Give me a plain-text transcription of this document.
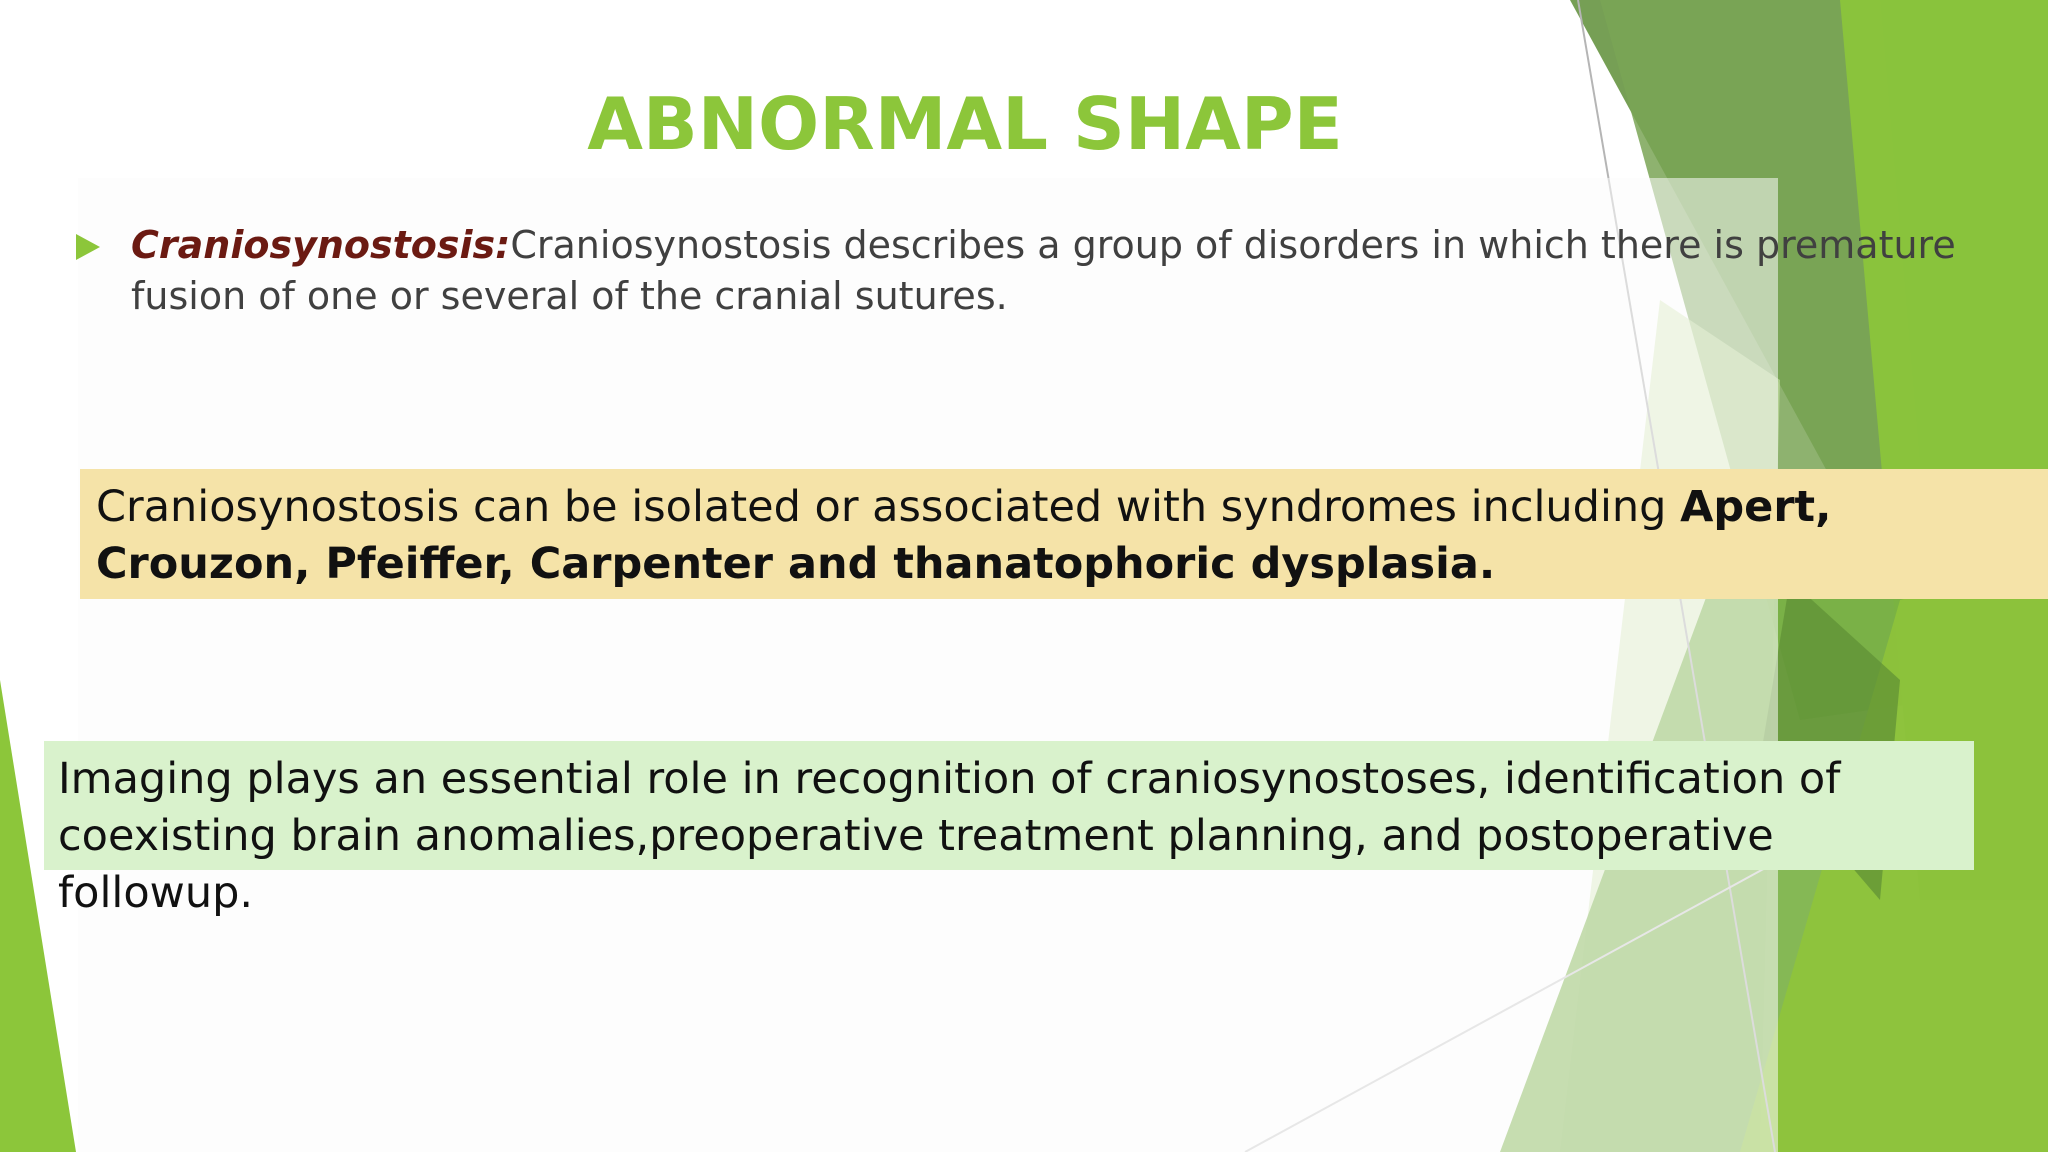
ABNORMAL SHAPE

Craniosynostosis:Craniosynostosis describes a group of disorders in which there is premature fusion of one or several of the cranial sutures.

Craniosynostosis can be isolated or associated with syndromes including Apert, Crouzon, Pfeiffer, Carpenter and thanatophoric dysplasia.

Imaging plays an essential role in recognition of craniosynostoses, identification of
coexisting brain anomalies,preoperative treatment planning, and postoperative followup.
